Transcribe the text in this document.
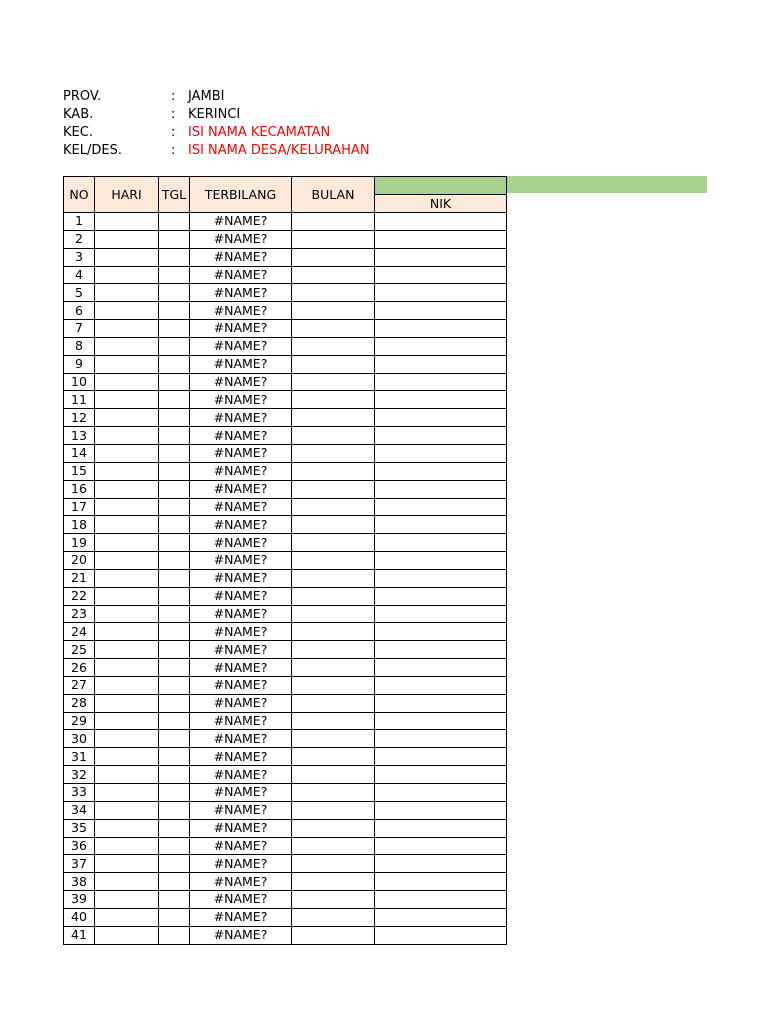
PROV.	: JAMBI
KAB.	: KERINCI
KEC.	: ISI NAMA KECAMATAN
KEL/DES.	: ISI NAMA DESA/KELURAHAN
NO	HARI	TGL	TERBILANG	BULAN	
					NIK
1			#NAME?		
2			#NAME?		
3			#NAME?		
4			#NAME?		
5			#NAME?		
6			#NAME?		
7			#NAME?		
8			#NAME?		
9			#NAME?		
10			#NAME?		
11			#NAME?		
12			#NAME?		
13			#NAME?		
14			#NAME?		
15			#NAME?		
16			#NAME?		
17			#NAME?		
18			#NAME?		
19			#NAME?		
20			#NAME?		
21			#NAME?		
22			#NAME?		
23			#NAME?		
24			#NAME?		
25			#NAME?		
26			#NAME?		
27			#NAME?		
28			#NAME?		
29			#NAME?		
30			#NAME?		
31			#NAME?		
32			#NAME?		
33			#NAME?		
34			#NAME?		
35			#NAME?		
36			#NAME?		
37			#NAME?		
38			#NAME?		
39			#NAME?		
40			#NAME?		
41			#NAME?		
